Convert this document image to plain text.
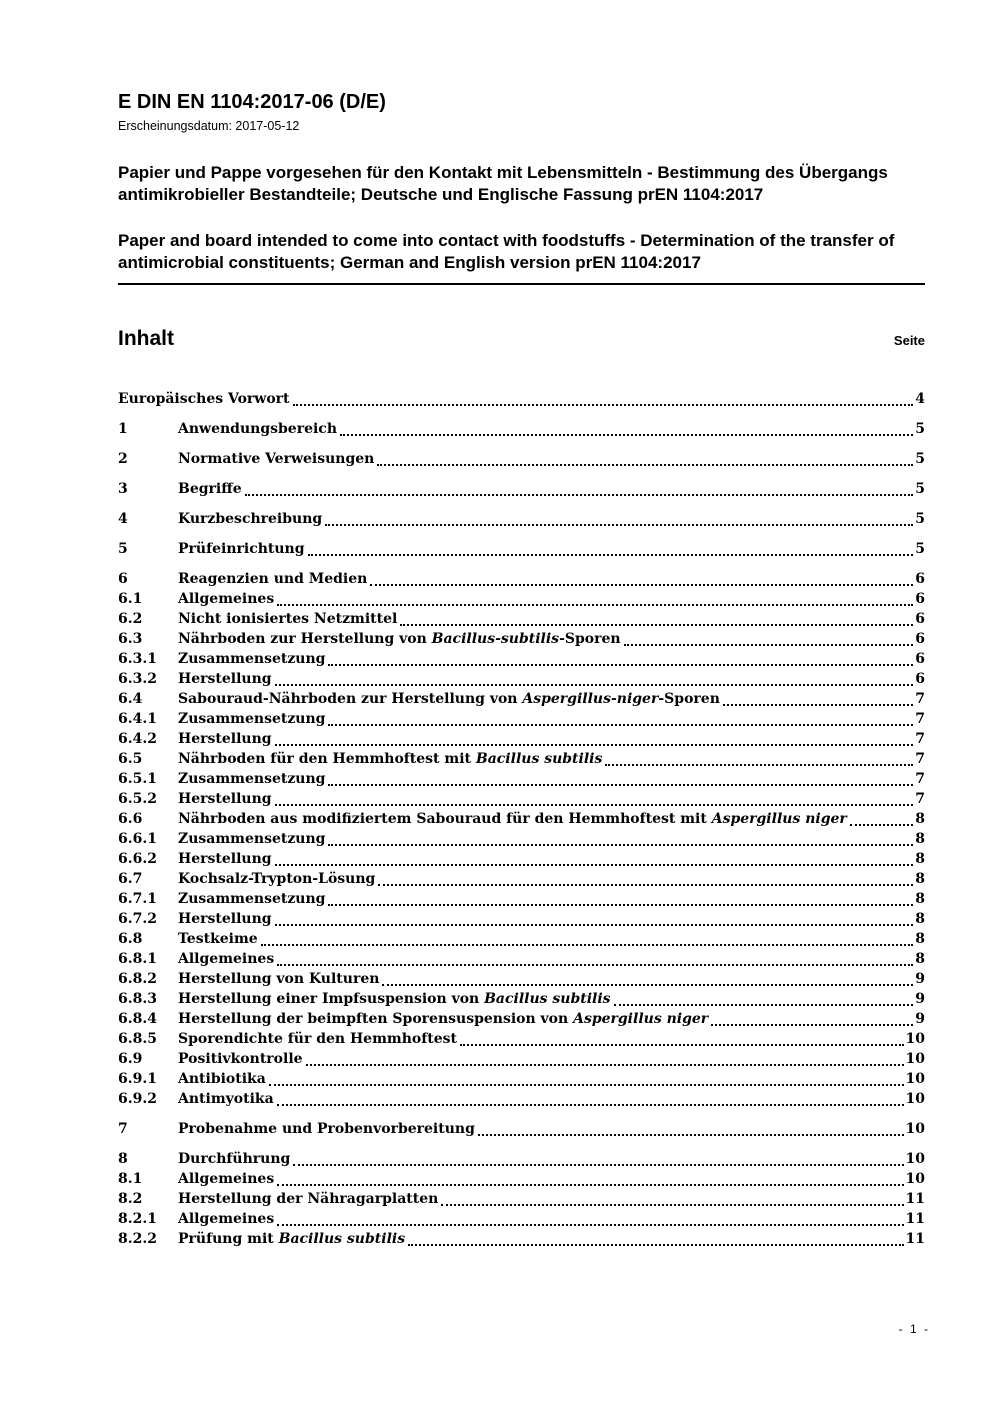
E DIN EN 1104:2017-06 (D/E)
Erscheinungsdatum: 2017-05-12
Papier und Pappe vorgesehen für den Kontakt mit Lebensmitteln - Bestimmung des Übergangs antimikrobieller Bestandteile; Deutsche und Englische Fassung prEN 1104:2017
Paper and board intended to come into contact with foodstuffs - Determination of the transfer of antimicrobial constituents; German and English version prEN 1104:2017
Inhalt	Seite
Europäisches Vorwort	4
1	Anwendungsbereich	5
2	Normative Verweisungen	5
3	Begriffe	5
4	Kurzbeschreibung	5
5	Prüfeinrichtung	5
6	Reagenzien und Medien	6
6.1	Allgemeines	6
6.2	Nicht ionisiertes Netzmittel	6
6.3	Nährboden zur Herstellung von Bacillus-subtilis-Sporen	6
6.3.1	Zusammensetzung	6
6.3.2	Herstellung	6
6.4	Sabouraud-Nährboden zur Herstellung von Aspergillus-niger-Sporen	7
6.4.1	Zusammensetzung	7
6.4.2	Herstellung	7
6.5	Nährboden für den Hemmhoftest mit Bacillus subtilis	7
6.5.1	Zusammensetzung	7
6.5.2	Herstellung	7
6.6	Nährboden aus modifiziertem Sabouraud für den Hemmhoftest mit Aspergillus niger	8
6.6.1	Zusammensetzung	8
6.6.2	Herstellung	8
6.7	Kochsalz-Trypton-Lösung	8
6.7.1	Zusammensetzung	8
6.7.2	Herstellung	8
6.8	Testkeime	8
6.8.1	Allgemeines	8
6.8.2	Herstellung von Kulturen	9
6.8.3	Herstellung einer Impfsuspension von Bacillus subtilis	9
6.8.4	Herstellung der beimpften Sporensuspension von Aspergillus niger	9
6.8.5	Sporendichte für den Hemmhoftest	10
6.9	Positivkontrolle	10
6.9.1	Antibiotika	10
6.9.2	Antimyotika	10
7	Probenahme und Probenvorbereitung	10
8	Durchführung	10
8.1	Allgemeines	10
8.2	Herstellung der Nähragarplatten	11
8.2.1	Allgemeines	11
8.2.2	Prüfung mit Bacillus subtilis	11
- 1 -
